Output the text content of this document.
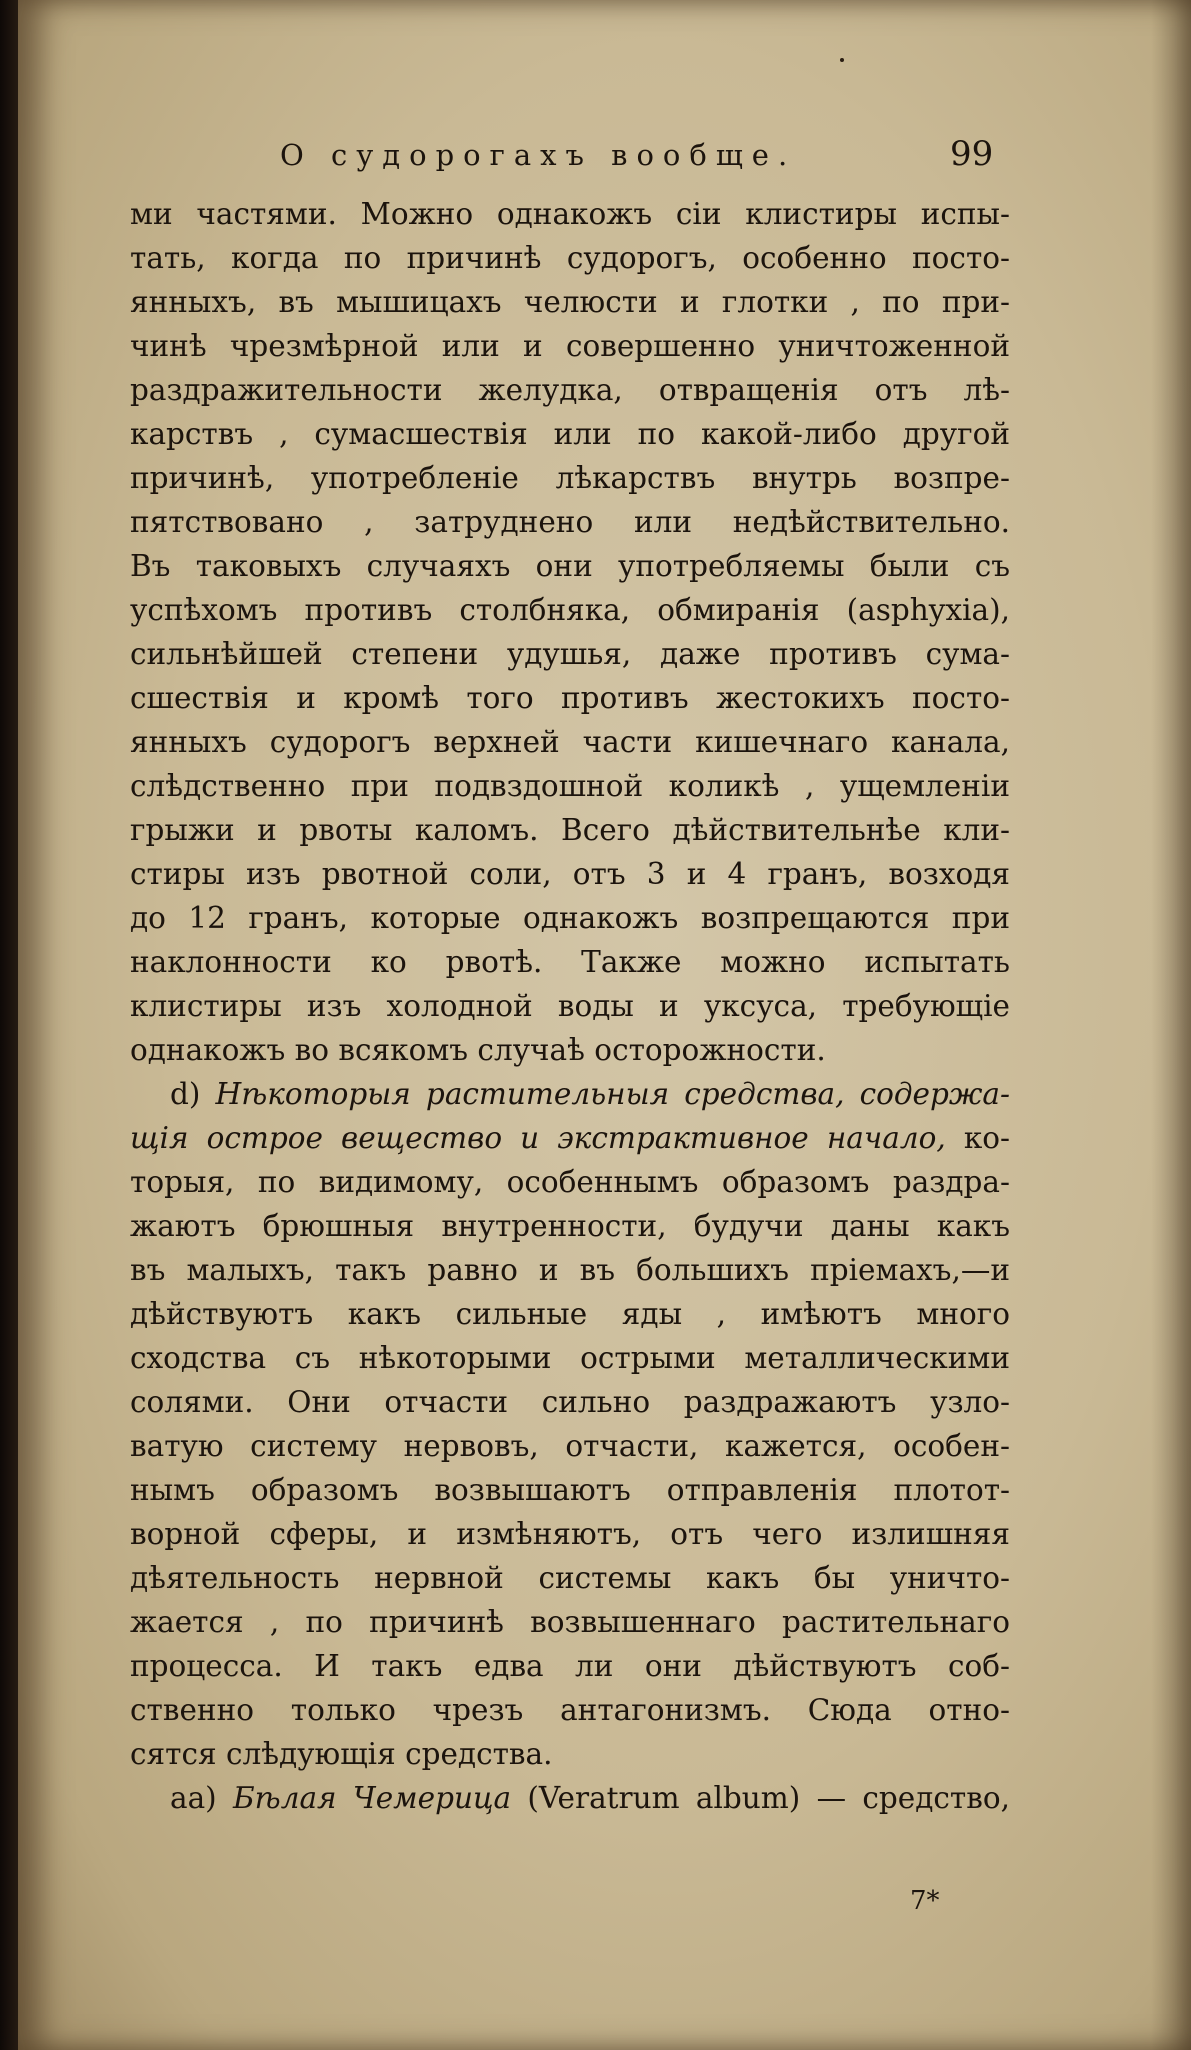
О судорогахъ вообще.	99
ми частями. Можно однакожъ сіи клистиры испы-
тать, когда по причинѣ судорогъ, особенно посто-
янныхъ, въ мышицахъ челюсти и глотки , по при-
чинѣ чрезмѣрной или и совершенно уничтоженной
раздражительности желудка, отвращенія отъ лѣ-
карствъ , сумасшествія или по какой-либо другой
причинѣ, употребленіе лѣкарствъ внутрь возпре-
пятствовано , затруднено или недѣйствительно.
Въ таковыхъ случаяхъ они употребляемы были съ
успѣхомъ противъ столбняка, обмиранія (asphyxia),
сильнѣйшей степени удушья, даже противъ сума-
сшествія и кромѣ того противъ жестокихъ посто-
янныхъ судорогъ верхней части кишечнаго канала,
слѣдственно при подвздошной коликѣ , ущемленіи
грыжи и рвоты каломъ. Всего дѣйствительнѣе кли-
стиры изъ рвотной соли, отъ 3 и 4 гранъ, возходя
до 12 гранъ, которые однакожъ возпрещаются при
наклонности ко рвотѣ. Также можно испытать
клистиры изъ холодной воды и уксуса, требующіе
однакожъ во всякомъ случаѣ осторожности.
d) Нѣкоторыя растительныя средства, содержа-
щія острое вещество и экстрактивное начало, ко-
торыя, по видимому, особеннымъ образомъ раздра-
жаютъ брюшныя внутренности, будучи даны какъ
въ малыхъ, такъ равно и въ большихъ пріемахъ,—и
дѣйствуютъ какъ сильные яды , имѣютъ много
сходства съ нѣкоторыми острыми металлическими
солями. Они отчасти сильно раздражаютъ узло-
ватую систему нервовъ, отчасти, кажется, особен-
нымъ образомъ возвышаютъ отправленія плотот-
ворной сферы, и измѣняютъ, отъ чего излишняя
дѣятельность нервной системы какъ бы уничто-
жается , по причинѣ возвышеннаго растительнаго
процесса. И такъ едва ли они дѣйствуютъ соб-
ственно только чрезъ антагонизмъ. Сюда отно-
сятся слѣдующія средства.
aa) Бѣлая Чемерица (Veratrum album) — средство,
7*
